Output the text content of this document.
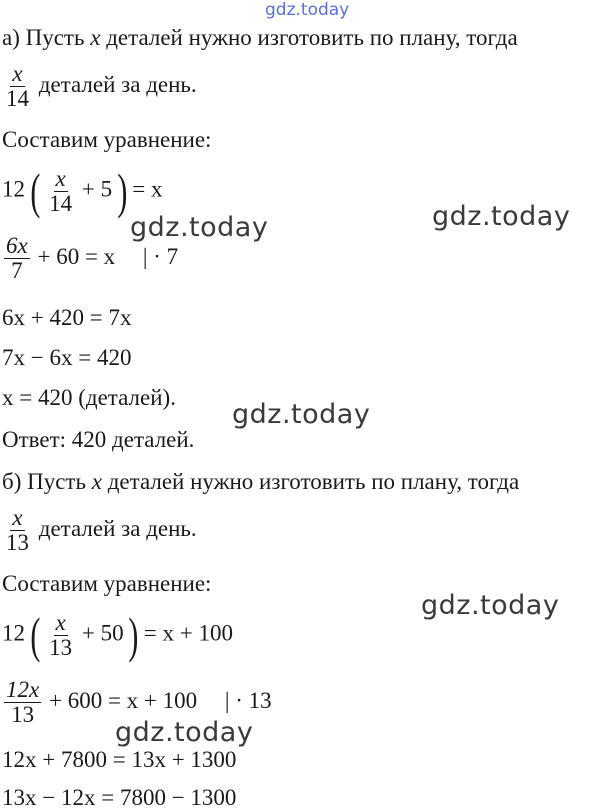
gdz.today
а) Пусть x деталей нужно изготовить по плану, тогда
$\frac{x}{14}$ деталей за день.
Составим уравнение:
12 ( $\frac{x}{14} + 5$ ) = x
$\frac{6x}{7} + 60 = x$ | · 7
6x + 420 = 7x
7x − 6x = 420
x = 420 (деталей).
Ответ: 420 деталей.
б) Пусть x деталей нужно изготовить по плану, тогда
$\frac{x}{13}$ деталей за день.
Составим уравнение:
12 ( $\frac{x}{13} + 50$ ) = x + 100
$\frac{12x}{13} + 600 = x + 100$ | · 13
12x + 7800 = 13x + 1300
13x − 12x = 7800 − 1300
gdz.today	gdz.today
gdz.today
gdz.today
gdz.today
